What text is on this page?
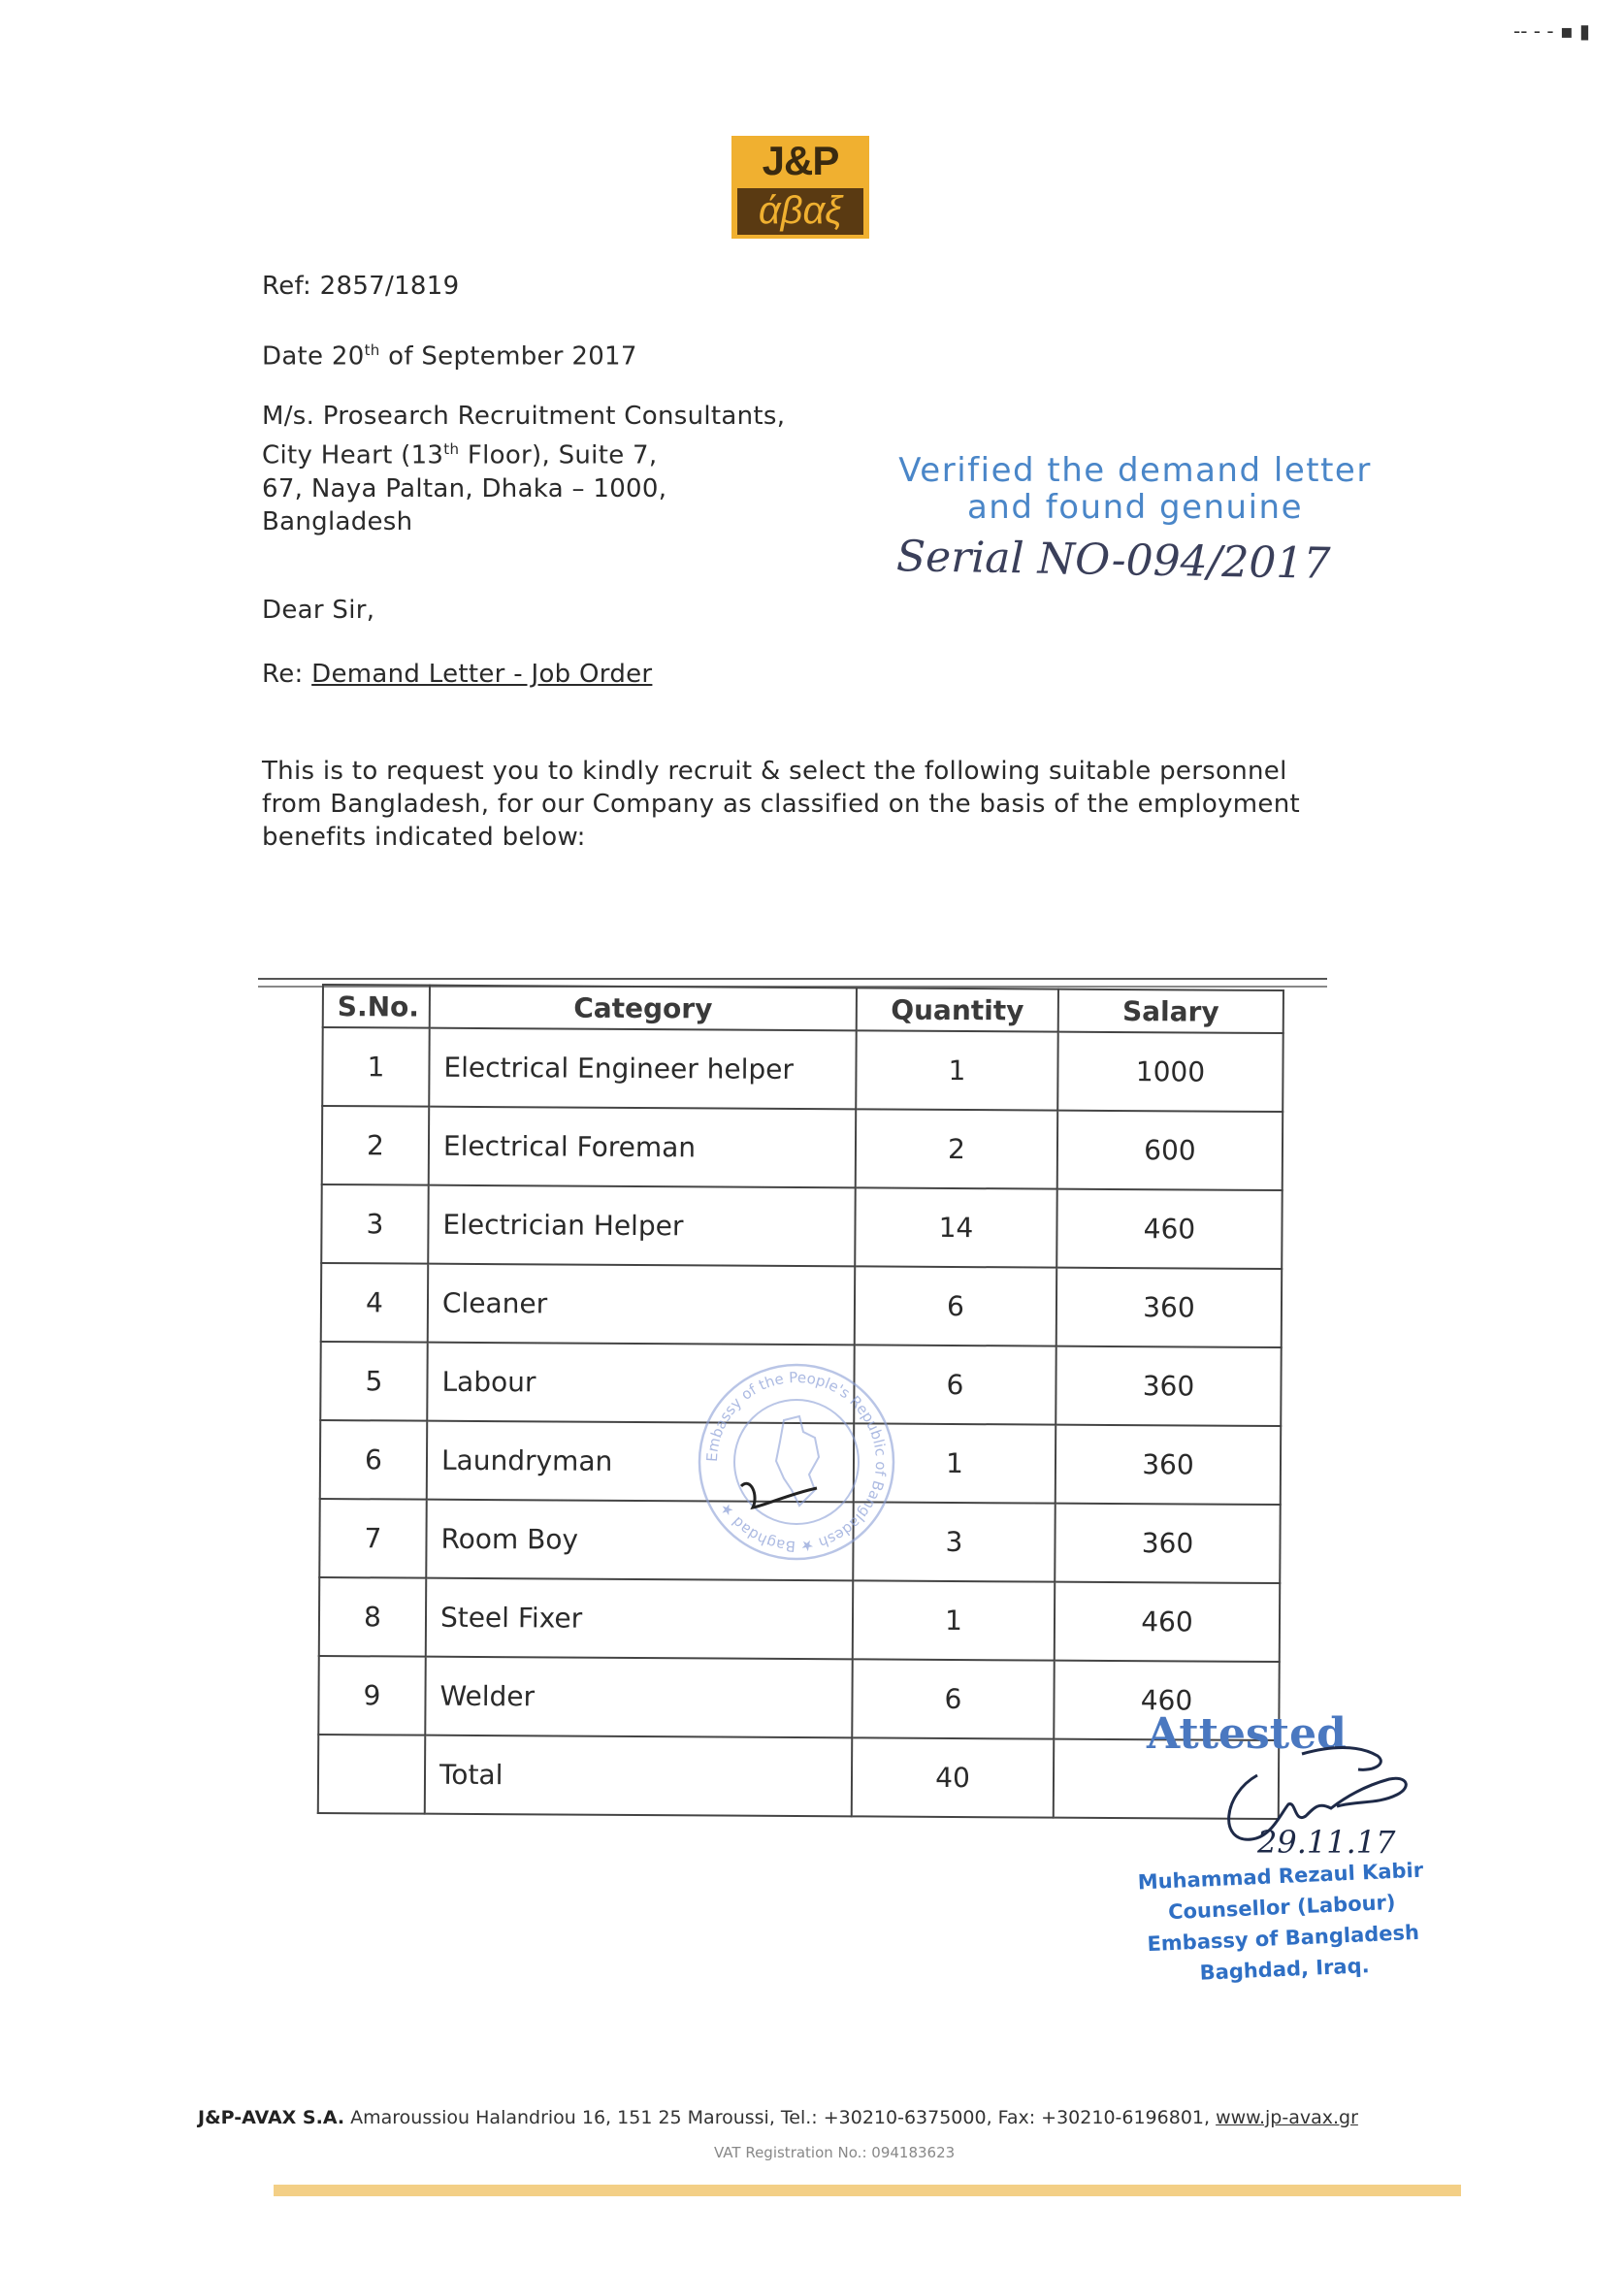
-- - - ▪ ▮
J&P
άβαξ
Ref: 2857/1819
Date 20th of September 2017
M/s. Prosearch Recruitment Consultants,
City Heart (13th Floor), Suite 7,
67, Naya Paltan, Dhaka – 1000,
Bangladesh
Verified the demand letter
and found genuine
Serial NO-094/2017
Dear Sir,
Re: Demand Letter - Job Order
This is to request you to kindly recruit & select the following suitable personnel
from Bangladesh, for our Company as classified on the basis of the employment
benefits indicated below:
S.No.	Category	Quantity	Salary
1	Electrical Engineer helper	1	1000
2	Electrical Foreman	2	600
3	Electrician Helper	14	460
4	Cleaner	6	360
5	Labour	6	360
6	Laundryman	1	360
7	Room Boy	3	360
8	Steel Fixer	1	460
9	Welder	6	460
	Total	40	
Embassy of the People's Republic of Bangladesh ★ Baghdad ★
Attested
29.11.17
Muhammad Rezaul Kabir
Counsellor (Labour)
Embassy of Bangladesh
Baghdad, Iraq.
J&P-AVAX S.A. Amaroussiou Halandriou 16, 151 25 Maroussi, Tel.: +30210-6375000, Fax: +30210-6196801, www.jp-avax.gr
VAT Registration No.: 094183623
